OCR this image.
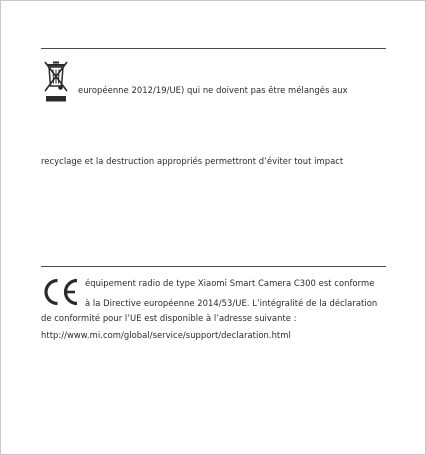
européenne 2012/19/UE) qui ne doivent pas être mélangés aux
recyclage et la destruction appropriés permettront d’éviter tout impact
équipement radio de type Xiaomi Smart Camera C300 est conforme
à la Directive européenne 2014/53/UE. L’intégralité de la déclaration
de conformité pour l’UE est disponible à l’adresse suivante :
http://www.mi.com/global/service/support/declaration.html
